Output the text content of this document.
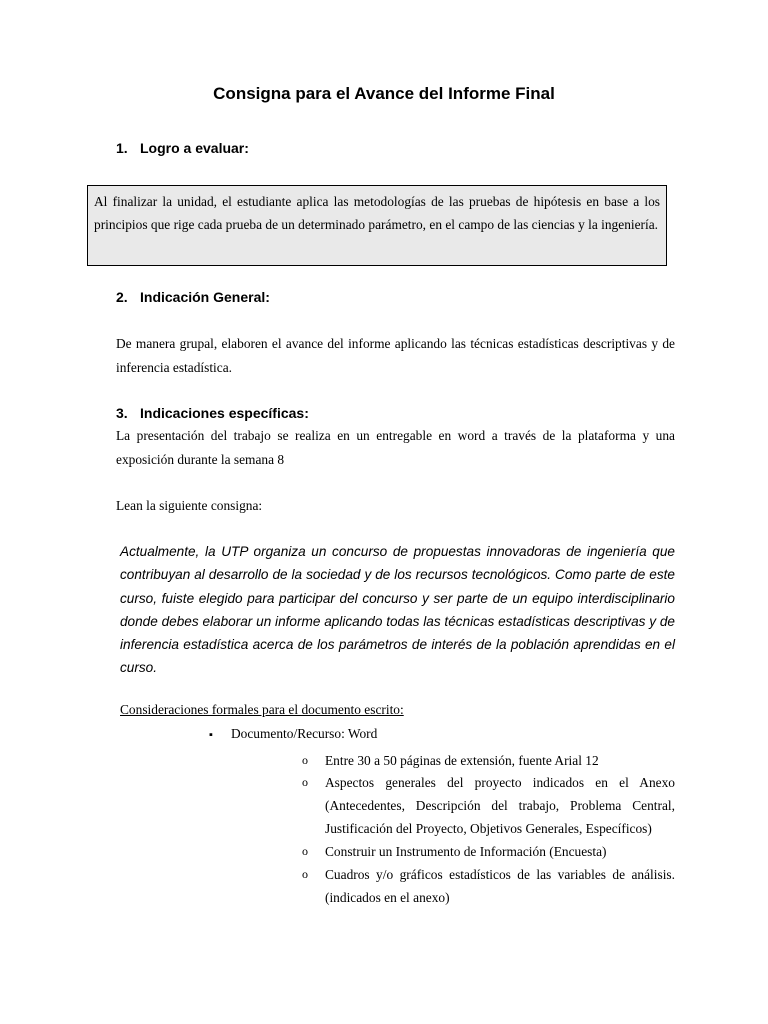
Consigna para el Avance del Informe Final
1. Logro a evaluar:

Al finalizar la unidad, el estudiante aplica las metodologías de las pruebas de hipótesis en base a los principios que rige cada prueba de un determinado parámetro, en el campo de las ciencias y la ingeniería.

2. Indicación General:

De manera grupal, elaboren el avance del informe aplicando las técnicas estadísticas descriptivas y de inferencia estadística.

3. Indicaciones específicas:

La presentación del trabajo se realiza en un entregable en word a través de la plataforma y una exposición durante la semana 8

Lean la siguiente consigna:

Actualmente, la UTP organiza un concurso de propuestas innovadoras de ingeniería que contribuyan al desarrollo de la sociedad y de los recursos tecnológicos. Como parte de este curso, fuiste elegido para participar del concurso y ser parte de un equipo interdisciplinario donde debes elaborar un informe aplicando todas las técnicas estadísticas descriptivas y de inferencia estadística acerca de los parámetros de interés de la población aprendidas en el curso.

Consideraciones formales para el documento escrito:

▪ Documento/Recurso: Word
o Entre 30 a 50 páginas de extensión, fuente Arial 12
o Aspectos generales del proyecto indicados en el Anexo (Antecedentes, Descripción del trabajo, Problema Central, Justificación del Proyecto, Objetivos Generales, Específicos)
o Construir un Instrumento de Información (Encuesta)
o Cuadros y/o gráficos estadísticos de las variables de análisis. (indicados en el anexo)
